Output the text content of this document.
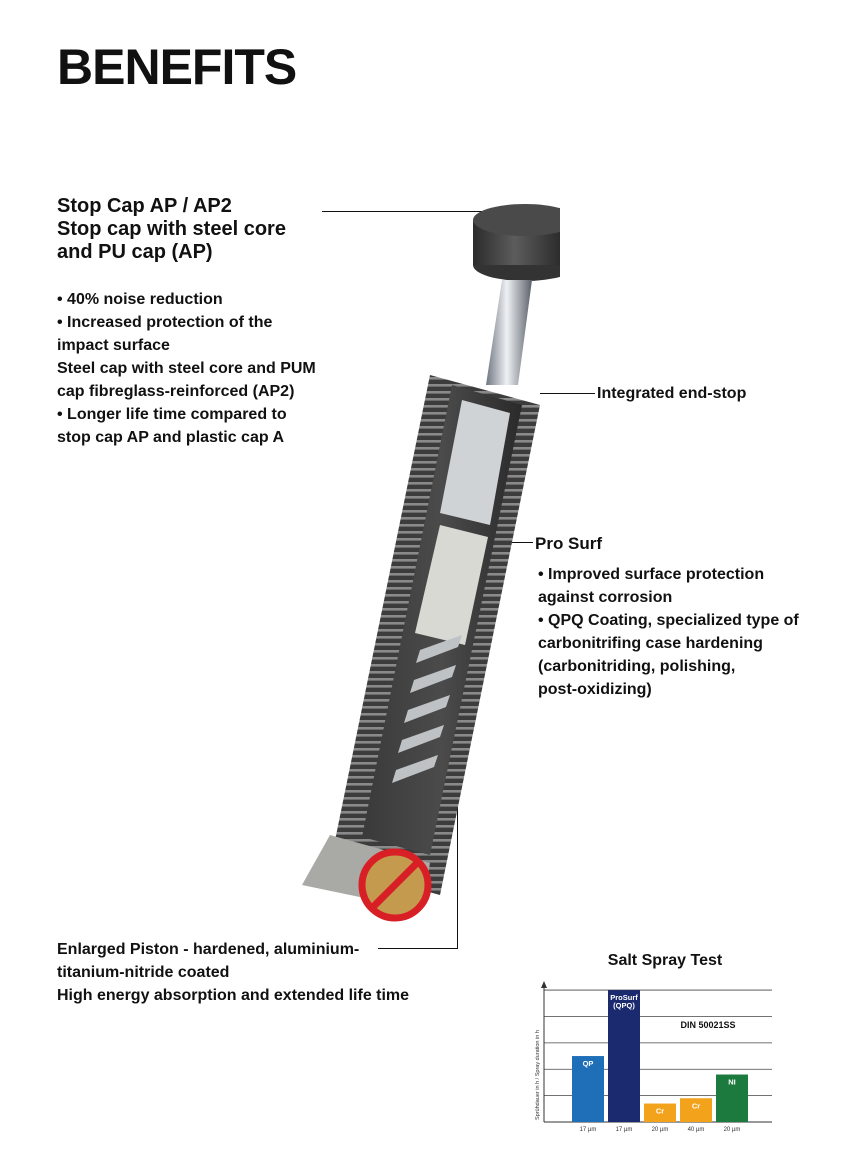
BENEFITS
Stop Cap AP / AP2
Stop cap with steel core
and PU cap (AP)
• 40% noise reduction
• Increased protection of the
impact surface
Steel cap with steel core and PUM
cap fibreglass-reinforced (AP2)
• Longer life time compared to
stop cap AP and plastic cap A
Integrated end-stop
Pro Surf
• Improved surface protection
against corrosion
• QPQ Coating, specialized type of
carbonitrifing case hardening
(carbonitriding, polishing,
post-oxidizing)
Enlarged Piston - hardened, aluminium-
titanium-nitride coated
High energy absorption and extended life time
Salt Spray Test
Sprühdauer in h / Spray duration in h
DIN 50021SS
QP
17 µm
ProSurf
(QPQ)
17 µm
Cr
20 µm
Cr
40 µm
NI
20 µm
